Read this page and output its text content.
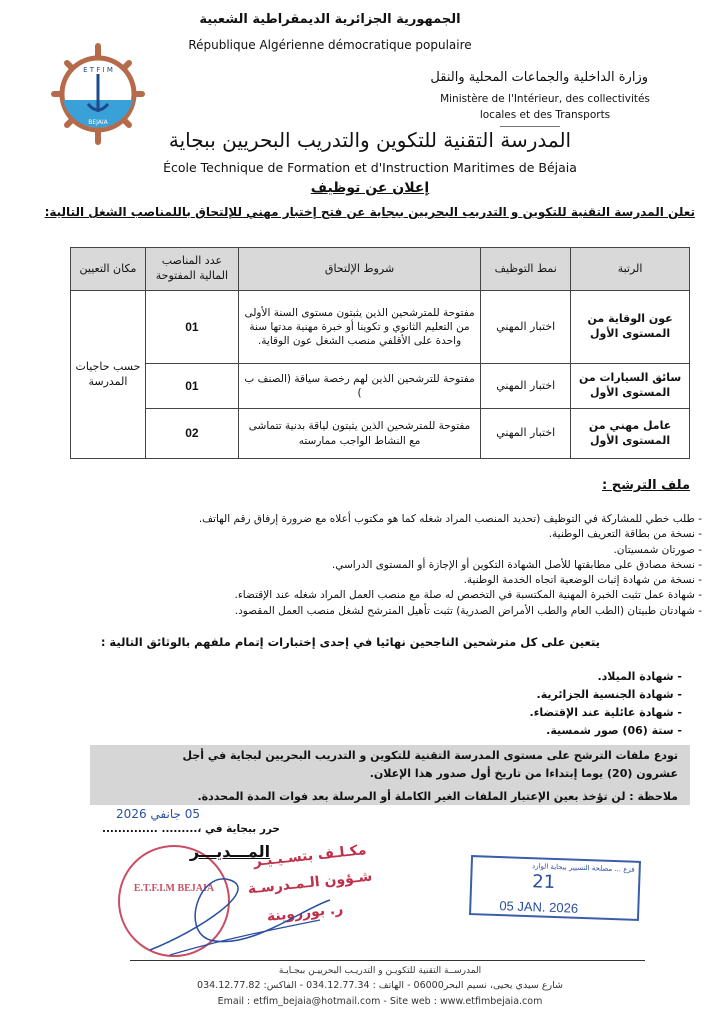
الجمهورية الجزائرية الديمقراطية الشعبية
République Algérienne démocratique populaire
E T F I M
BEJAIA
وزارة الداخلية والجماعات المحلية والنقل
Ministère de l'Intérieur, des collectivités
locales et des Transports
المدرسة التقنية للتكوين والتدريب البحريين ببجاية
École Technique de Formation et d'Instruction Maritimes de Béjaia
إعلان عن توظيف
تعلن المدرسة التقنية للتكوين و التدريب البحريين ببجاية عن فتح إختبار مهني للإلتحاق باللمناصب الشغل التالية:
الرتبة	نمط التوظيف	شروط الإلتحاق	عدد المناصب المالية المفتوحة	مكان التعيين
عون الوقاية من المستوى الأول	اختبار المهني	مفتوحة للمترشحين الذين يثبتون مستوى السنة الأولى من التعليم الثانوي و تكوينا أو خبرة مهنية مدتها سنة واحدة على الأقلفي منصب الشغل عون الوقاية.	01	حسب حاجيات المدرسة
سائق السيارات من المستوى الأول	اختبار المهني	مفتوحة للترشحين الذين لهم رخصة سياقة (الصنف ب )	01	
عامل مهني من المستوى الأول	اختبار المهني	مفتوحة للمترشحين الذين يثبتون لياقة بدنية تتماشى مع النشاط الواجب ممارسته	02	
ملف الترشح :
- طلب خطي للمشاركة في التوظيف (تحديد المنصب المراد شغله كما هو مكتوب أعلاه مع ضرورة إرفاق رقم الهاتف.
- نسخة من بطاقة التعريف الوطنية.
- صورتان شمسيتان.
- نسخة مصادق على مطابقتها للأصل الشهادة التكوين أو الإجازة أو المستوى الدراسي.
- نسخة من شهادة إثبات الوضعية اتجاه الخدمة الوطنية.
- شهادة عمل تثبت الخبرة المهنية المكتسبة في التخصص له صلة مع منصب العمل المراد شغله عند الإقتضاء.
- شهادتان طبيتان (الطب العام والطب الأمراض الصدرية) تثبت تأهيل المترشح لشغل منصب العمل المقصود.
يتعين على كل مترشحين الناجحين نهائيا في إحدى إختبارات إتمام ملفهم بالوثائق التالية :
- شهادة الميلاد.
- شهادة الجنسية الجزائرية.
- شهادة عائلية عند الإقتضاء.
- ستة (06) صور شمسية.
تودع ملفات الترشح على مستوى المدرسة التقنية للتكوين و التدريب البحريين لبجاية في أجل عشرون (20) يوما إبتداءا من تاريخ أول صدور هذا الإعلان.
ملاحظة : لن تؤخذ بعين الإعتبار الملفات الغير الكاملة أو المرسلة بعد فوات المدة المحددة.
05 جانفي 2026
حرر ببجاية في ،......... ..............
E.T.F.I.M BEJAIA
المـــديـــر
مكـلـف بتسـيـيـر
شـؤون الـمـدرسـة
ر. بورروينة
فرع ... مصلحة التسيير ببجاية الوارد
21
05 JAN. 2026
المدرســة التقنية للتكويـن و التدريـب البحرييـن ببجـايـة
شارع سيدي يحيى، نسيم البحر06000 - الهاتف : 034.12.77.34 - الفاكس: 034.12.77.82
Email : etfim_bejaia@hotmail.com - Site web : www.etfimbejaia.com
